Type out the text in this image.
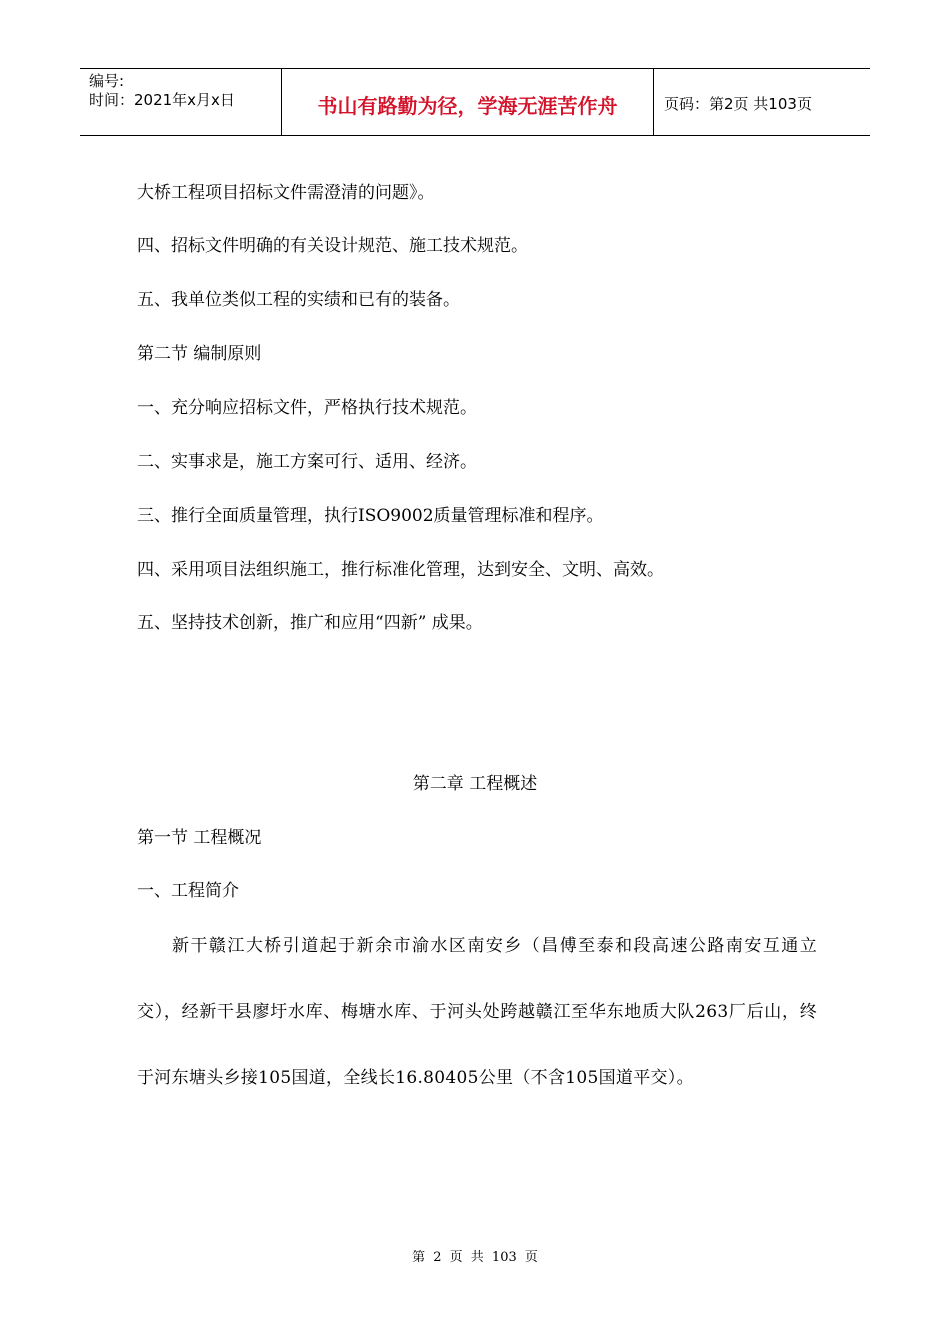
编号:
时间：2021年x月x日	书山有路勤为径，学海无涯苦作舟	页码：第2页 共103页
大桥工程项目招标文件需澄清的问题》。
四、招标文件明确的有关设计规范、施工技术规范。
五、我单位类似工程的实绩和已有的装备。
第二节 编制原则
一、充分响应招标文件，严格执行技术规范。
二、实事求是，施工方案可行、适用、经济。
三、推行全面质量管理，执行ISO9002质量管理标准和程序。
四、采用项目法组织施工，推行标准化管理，达到安全、文明、高效。
五、坚持技术创新，推广和应用“四新” 成果。
第二章 工程概述
第一节 工程概况
一、工程简介
新干赣江大桥引道起于新余市渝水区南安乡（昌傅至泰和段高速公路南安互通立交），经新干县廖圩水库、梅塘水库、于河头处跨越赣江至华东地质大队263厂后山，终于河东塘头乡接105国道，全线长16.80405公里（不含105国道平交）。
第 2 页 共 103 页
